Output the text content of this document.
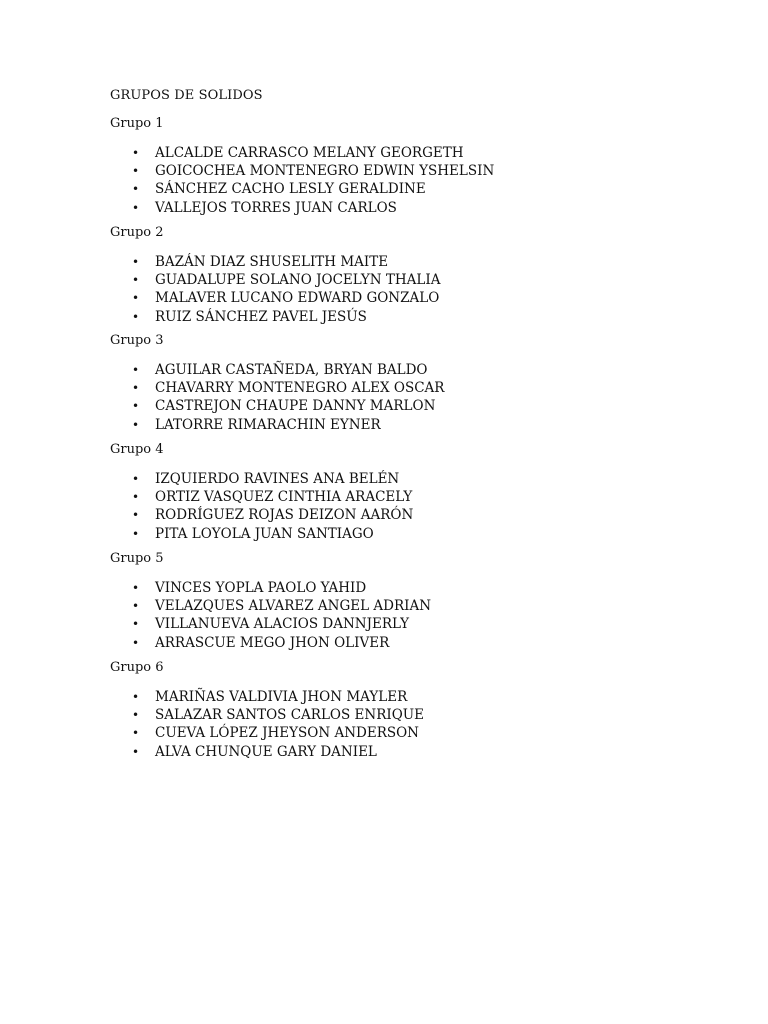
GRUPOS DE SOLIDOS
Grupo 1
• ALCALDE CARRASCO MELANY GEORGETH
• GOICOCHEA MONTENEGRO EDWIN YSHELSIN
• SÁNCHEZ CACHO LESLY GERALDINE
• VALLEJOS TORRES JUAN CARLOS
Grupo 2
• BAZÁN DIAZ SHUSELITH MAITE
• GUADALUPE SOLANO JOCELYN THALIA
• MALAVER LUCANO EDWARD GONZALO
• RUIZ SÁNCHEZ PAVEL JESÚS
Grupo 3
• AGUILAR CASTAÑEDA, BRYAN BALDO
• CHAVARRY MONTENEGRO ALEX OSCAR
• CASTREJON CHAUPE DANNY MARLON
• LATORRE RIMARACHIN EYNER
Grupo 4
• IZQUIERDO RAVINES ANA BELÉN
• ORTIZ VASQUEZ CINTHIA ARACELY
• RODRÍGUEZ ROJAS DEIZON AARÓN
• PITA LOYOLA JUAN SANTIAGO
Grupo 5
• VINCES YOPLA PAOLO YAHID
• VELAZQUES ALVAREZ ANGEL ADRIAN
• VILLANUEVA ALACIOS DANNJERLY
• ARRASCUE MEGO JHON OLIVER
Grupo 6
• MARIÑAS VALDIVIA JHON MAYLER
• SALAZAR SANTOS CARLOS ENRIQUE
• CUEVA LÓPEZ JHEYSON ANDERSON
• ALVA CHUNQUE GARY DANIEL
